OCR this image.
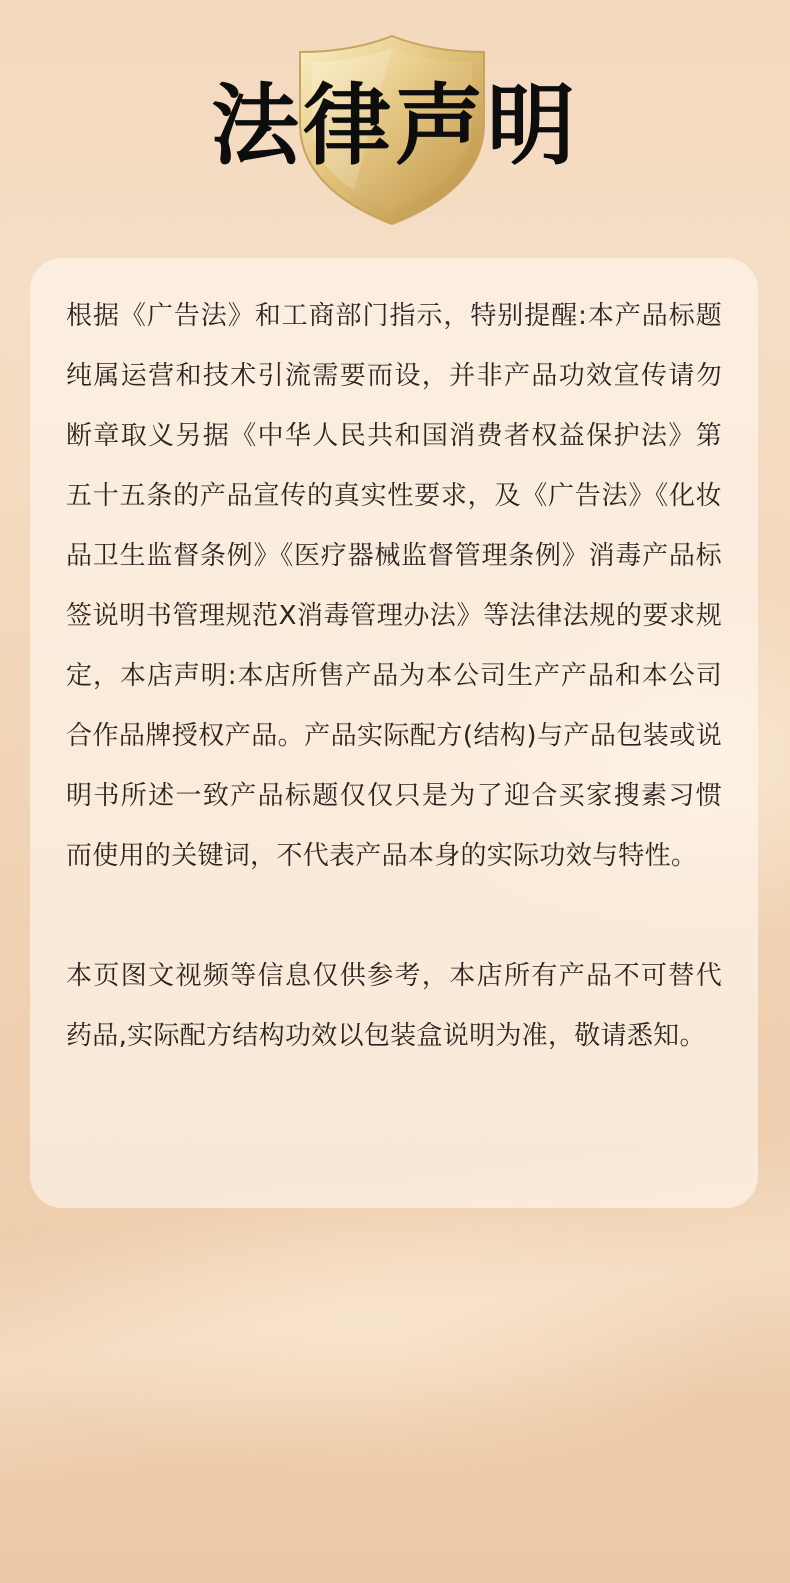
法律声明

根据《广告法》和工商部门指示，特别提醒:本产品标题纯属运营和技术引流需要而设，并非产品功效宣传请勿断章取义另据《中华人民共和国消费者权益保护法》第五十五条的产品宣传的真实性要求，及《广告法》《化妆品卫生监督条例》《医疗器械监督管理条例》消毒产品标签说明书管理规范X消毒管理办法》等法律法规的要求规定，本店声明:本店所售产品为本公司生产产品和本公司合作品牌授权产品。产品实际配方(结构)与产品包装或说明书所述一致产品标题仅仅只是为了迎合买家搜素习惯而使用的关键词，不代表产品本身的实际功效与特性。

本页图文视频等信息仅供参考，本店所有产品不可替代药品,实际配方结构功效以包装盒说明为准，敬请悉知。
